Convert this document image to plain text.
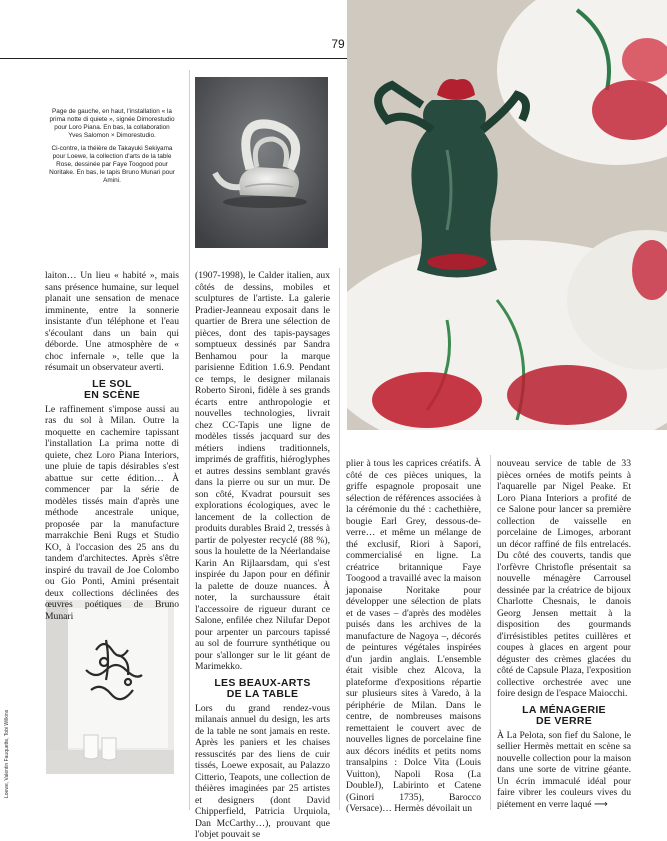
79

Page de gauche, en haut, l'installation « la prima notte di quiete », signée Dimorestudio pour Loro Piana. En bas, la collaboration Yves Salomon × Dimorestudio.

Ci-contre, la théière de Takayuki Sekiyama pour Loewe, la collection d'arts de la table Rose, dessinée par Faye Toogood pour Noritake. En bas, le tapis Bruno Munari pour Amini.

Loewe, Valentin Fauquette, Tobi Wilkins

laiton… Un lieu « habité », mais sans présence humaine, sur lequel planait une sensation de menace imminente, entre la sonnerie insistante d'un téléphone et l'eau s'écoulant dans un bain qui déborde. Une atmosphère de « choc infernale », telle que la résumait un observateur averti.

LE SOL
EN SCÈNE

Le raffinement s'impose aussi au ras du sol à Milan. Outre la moquette en cachemire tapissant l'installation La prima notte di quiete, chez Loro Piana Interiors, une pluie de tapis désirables s'est abattue sur cette édition… À commencer par la série de modèles tissés main d'après une méthode ancestrale unique, proposée par la manufacture marrakchie Beni Rugs et Studio KO, à l'occasion des 25 ans du tandem d'architectes. Après s'être inspiré du travail de Joe Colombo ou Gio Ponti, Amini présentait deux collections déclinées des œuvres poétiques de Bruno Munari

(1907-1998), le Calder italien, aux côtés de dessins, mobiles et sculptures de l'artiste. La galerie Pradier-Jeanneau exposait dans le quartier de Brera une sélection de pièces, dont des tapis-paysages somptueux dessinés par Sandra Benhamou pour la marque parisienne Edition 1.6.9. Pendant ce temps, le designer milanais Roberto Sironi, fidèle à ses grands écarts entre anthropologie et nouvelles technologies, livrait chez CC-Tapis une ligne de modèles tissés jacquard sur des métiers indiens traditionnels, imprimés de graffitis, hiéroglyphes et autres dessins semblant gravés dans la pierre ou sur un mur. De son côté, Kvadrat poursuit ses explorations écologiques, avec le lancement de la collection de produits durables Braid 2, tressés à partir de polyester recyclé (88 %), sous la houlette de la Néerlandaise Karin An Rijlaarsdam, qui s'est inspirée du Japon pour en définir la palette de douze nuances. À noter, la surchaussure était l'accessoire de rigueur durant ce Salone, enfilée chez Nilufar Depot pour arpenter un parcours tapissé au sol de fourrure synthétique ou pour s'allonger sur le lit géant de Marimekko.

LES BEAUX-ARTS
DE LA TABLE

Lors du grand rendez-vous milanais annuel du design, les arts de la table ne sont jamais en reste. Après les paniers et les chaises ressuscités par des liens de cuir tissés, Loewe exposait, au Palazzo Citterio, Teapots, une collection de théières imaginées par 25 artistes et designers (dont David Chipperfield, Patricia Urquiola, Dan McCarthy…), prouvant que l'objet pouvait se

plier à tous les caprices créatifs. À côté de ces pièces uniques, la griffe espagnole proposait une sélection de références associées à la cérémonie du thé : cachethière, bougie Earl Grey, dessous-de-verre… et même un mélange de thé exclusif, Riori à Sapori, commercialisé en ligne. La créatrice britannique Faye Toogood a travaillé avec la maison japonaise Noritake pour développer une sélection de plats et de vases – d'après des modèles puisés dans les archives de la manufacture de Nagoya –, décorés de peintures végétales inspirées d'un jardin anglais. L'ensemble était visible chez Alcova, la plateforme d'expositions répartie sur plusieurs sites à Varedo, à la périphérie de Milan. Dans le centre, de nombreuses maisons remettaient le couvert avec de nouvelles lignes de porcelaine fine aux décors inédits et petits noms transalpins : Dolce Vita (Louis Vuitton), Napoli Rosa (La DoubleJ), Labirinto et Catene (Ginori 1735), Barocco (Versace)… Hermès dévoilait un

nouveau service de table de 33 pièces ornées de motifs peints à l'aquarelle par Nigel Peake. Et Loro Piana Interiors a profité de ce Salone pour lancer sa première collection de vaisselle en porcelaine de Limoges, arborant un décor raffiné de fils entrelacés. Du côté des couverts, tandis que l'orfèvre Christofle présentait sa nouvelle ménagère Carrousel dessinée par la créatrice de bijoux Charlotte Chesnais, le danois Georg Jensen mettait à la disposition des gourmands d'irrésistibles petites cuillères et coupes à glaces en argent pour déguster des crèmes glacées du côté de Capsule Plaza, l'exposition collective orchestrée avec une foire design de l'espace Maiocchi.

LA MÉNAGERIE
DE VERRE

À La Pelota, son fief du Salone, le sellier Hermès mettait en scène sa nouvelle collection pour la maison dans une sorte de vitrine géante. Un écrin immaculé idéal pour faire vibrer les couleurs vives du piétement en verre laqué ⟶
